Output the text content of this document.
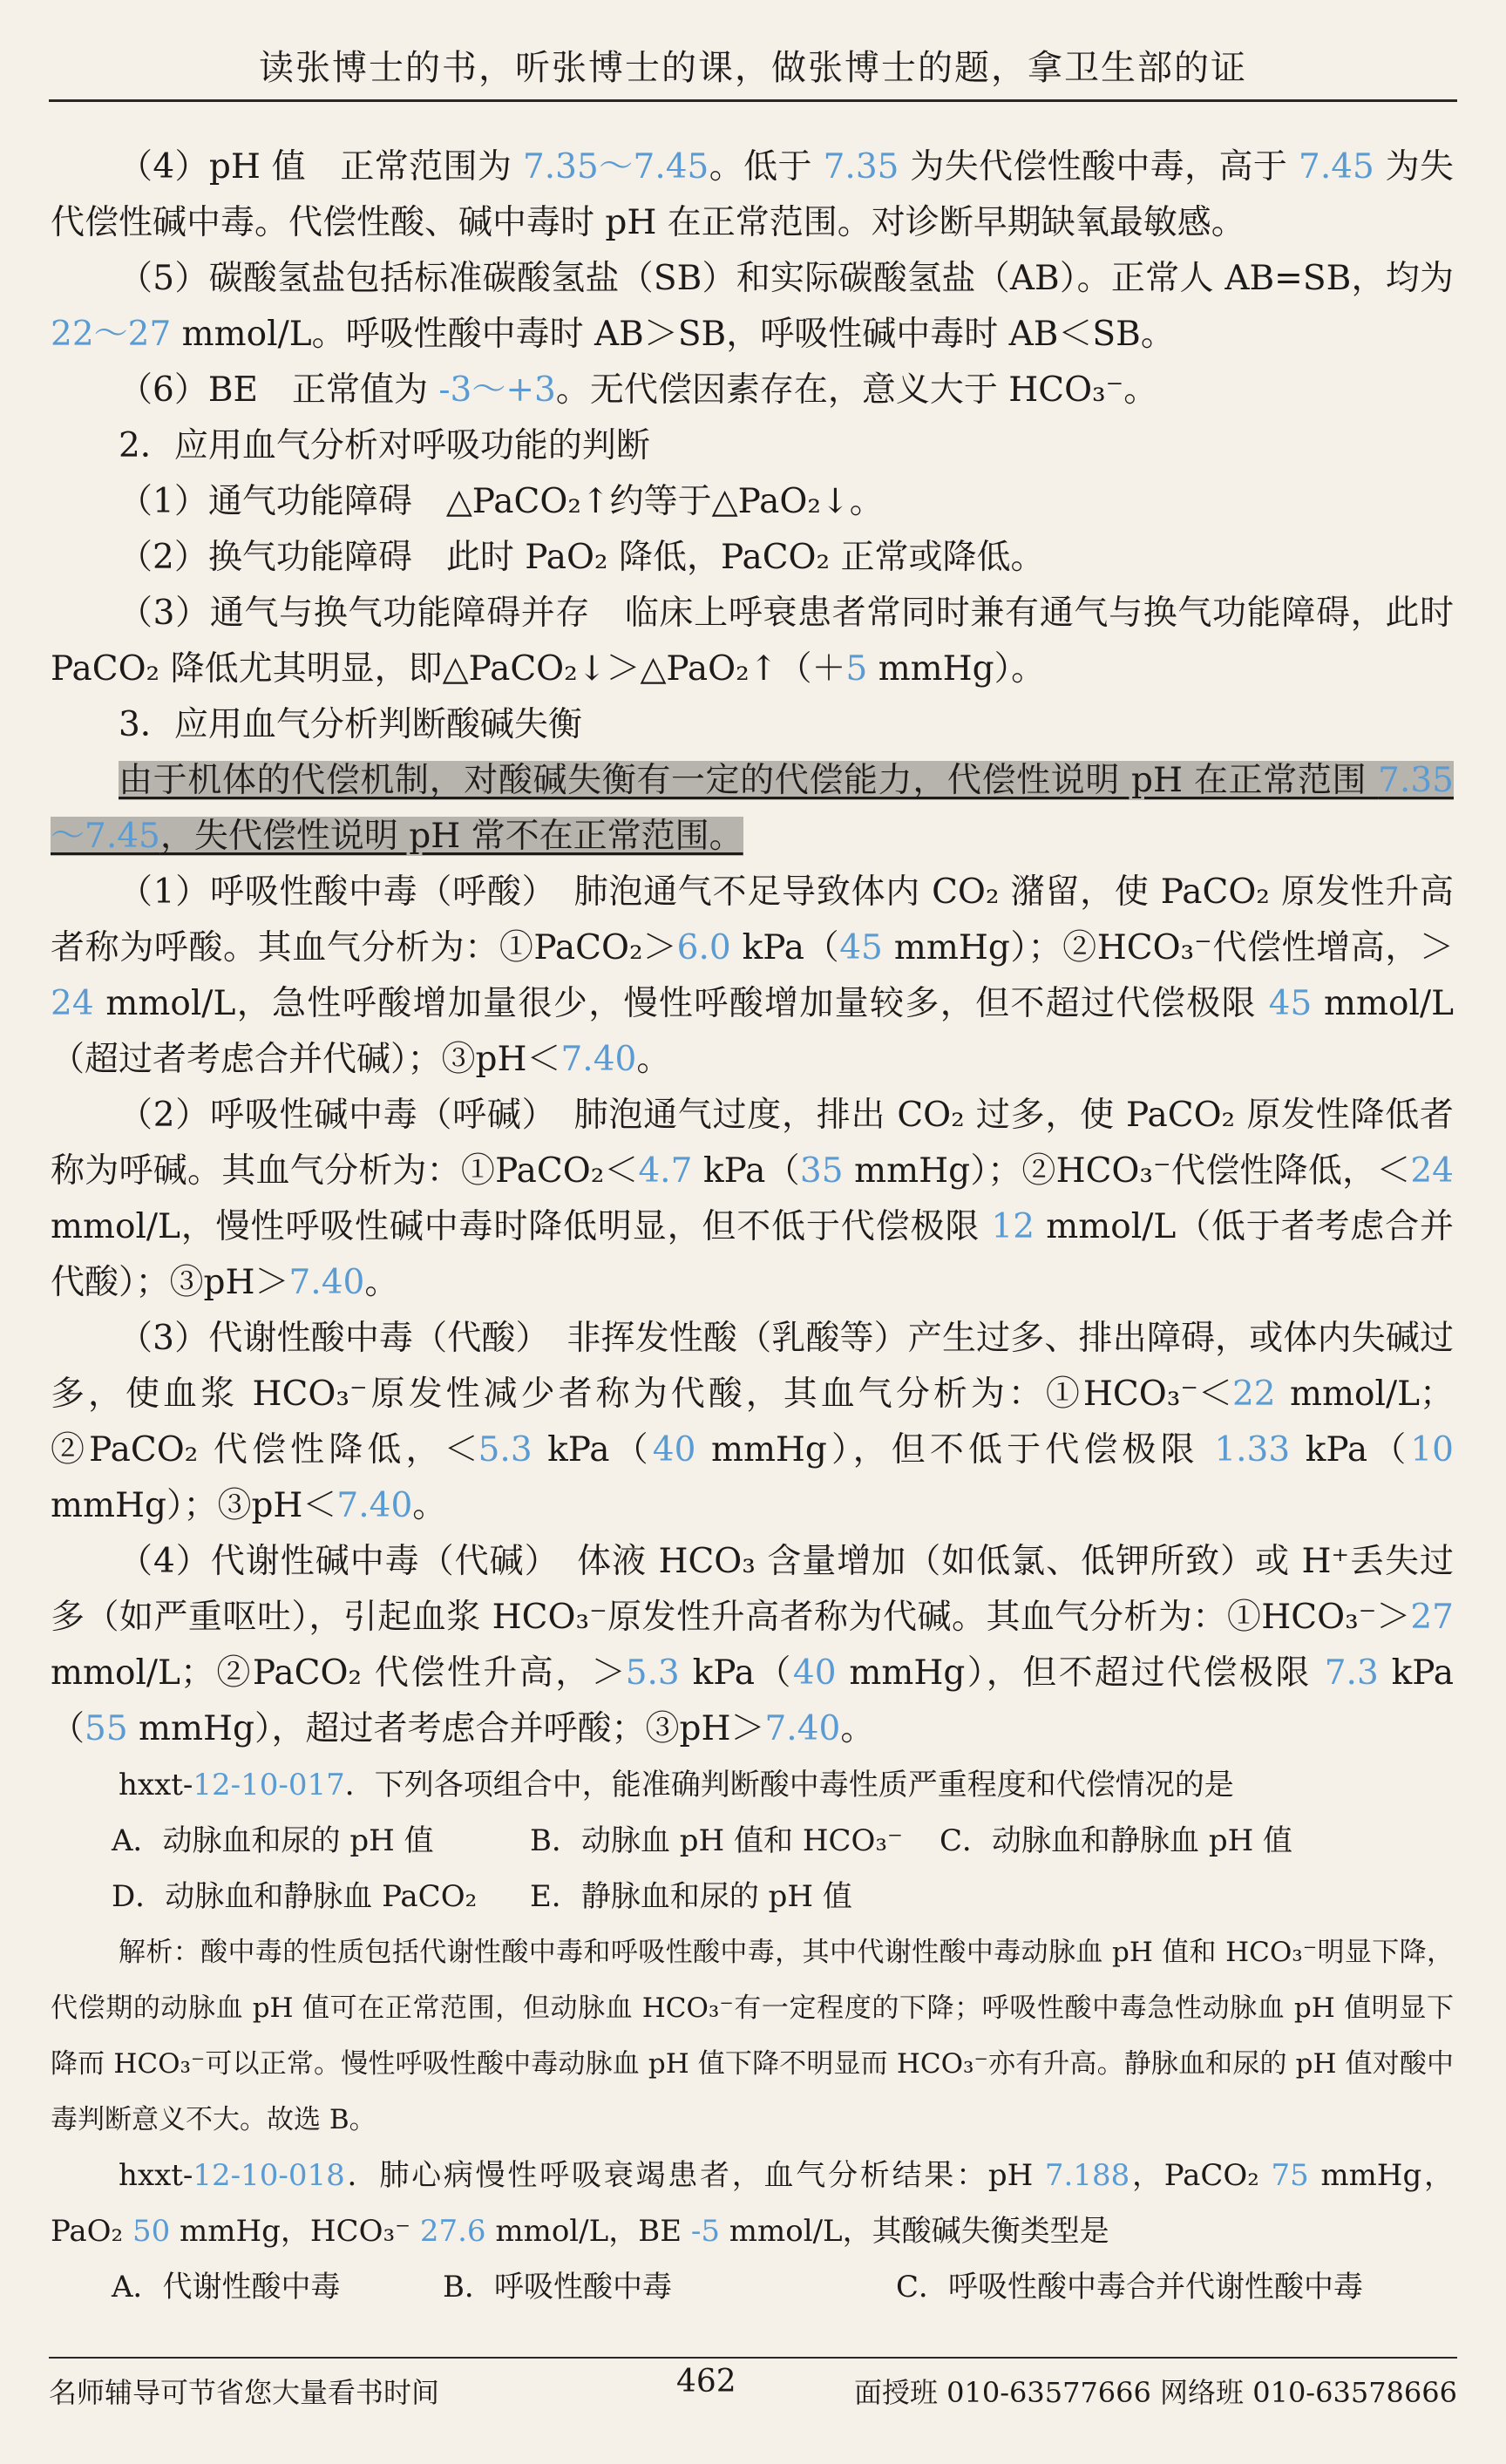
读张博士的书，听张博士的课，做张博士的题，拿卫生部的证

（4）pH 值　正常范围为 7.35～7.45。低于 7.35 为失代偿性酸中毒，高于 7.45 为失代偿性碱中毒。代偿性酸、碱中毒时 pH 在正常范围。对诊断早期缺氧最敏感。

（5）碳酸氢盐包括标准碳酸氢盐（SB）和实际碳酸氢盐（AB）。正常人 AB=SB，均为 22～27 mmol/L。呼吸性酸中毒时 AB＞SB，呼吸性碱中毒时 AB＜SB。

（6）BE　正常值为 -3～+3。无代偿因素存在，意义大于 HCO₃⁻。

2．应用血气分析对呼吸功能的判断

（1）通气功能障碍　△PaCO₂↑约等于△PaO₂↓。

（2）换气功能障碍　此时 PaO₂ 降低，PaCO₂ 正常或降低。

（3）通气与换气功能障碍并存　临床上呼衰患者常同时兼有通气与换气功能障碍，此时 PaCO₂ 降低尤其明显，即△PaCO₂↓＞△PaO₂↑（＋5 mmHg）。

3．应用血气分析判断酸碱失衡

由于机体的代偿机制，对酸碱失衡有一定的代偿能力，代偿性说明 pH 在正常范围 7.35～7.45，失代偿性说明 pH 常不在正常范围。

（1）呼吸性酸中毒（呼酸）　肺泡通气不足导致体内 CO₂ 潴留，使 PaCO₂ 原发性升高者称为呼酸。其血气分析为：①PaCO₂＞6.0 kPa（45 mmHg）；②HCO₃⁻代偿性增高，＞24 mmol/L，急性呼酸增加量很少，慢性呼酸增加量较多，但不超过代偿极限 45 mmol/L（超过者考虑合并代碱）；③pH＜7.40。

（2）呼吸性碱中毒（呼碱）　肺泡通气过度，排出 CO₂ 过多，使 PaCO₂ 原发性降低者称为呼碱。其血气分析为：①PaCO₂＜4.7 kPa（35 mmHg）；②HCO₃⁻代偿性降低，＜24 mmol/L，慢性呼吸性碱中毒时降低明显，但不低于代偿极限 12 mmol/L（低于者考虑合并代酸）；③pH＞7.40。

（3）代谢性酸中毒（代酸）　非挥发性酸（乳酸等）产生过多、排出障碍，或体内失碱过多，使血浆 HCO₃⁻原发性减少者称为代酸，其血气分析为：①HCO₃⁻＜22 mmol/L；②PaCO₂ 代偿性降低，＜5.3 kPa（40 mmHg），但不低于代偿极限 1.33 kPa（10 mmHg）；③pH＜7.40。

（4）代谢性碱中毒（代碱）　体液 HCO₃ 含量增加（如低氯、低钾所致）或 H⁺丢失过多（如严重呕吐），引起血浆 HCO₃⁻原发性升高者称为代碱。其血气分析为：①HCO₃⁻＞27 mmol/L；②PaCO₂ 代偿性升高，＞5.3 kPa（40 mmHg），但不超过代偿极限 7.3 kPa（55 mmHg），超过者考虑合并呼酸；③pH＞7.40。

hxxt-12-10-017．下列各项组合中，能准确判断酸中毒性质严重程度和代偿情况的是

A．动脉血和尿的 pH 值	B．动脉血 pH 值和 HCO₃⁻	C．动脉血和静脉血 pH 值
D．动脉血和静脉血 PaCO₂	E．静脉血和尿的 pH 值

解析：酸中毒的性质包括代谢性酸中毒和呼吸性酸中毒，其中代谢性酸中毒动脉血 pH 值和 HCO₃⁻明显下降，代偿期的动脉血 pH 值可在正常范围，但动脉血 HCO₃⁻有一定程度的下降；呼吸性酸中毒急性动脉血 pH 值明显下降而 HCO₃⁻可以正常。慢性呼吸性酸中毒动脉血 pH 值下降不明显而 HCO₃⁻亦有升高。静脉血和尿的 pH 值对酸中毒判断意义不大。故选 B。

hxxt-12-10-018．肺心病慢性呼吸衰竭患者，血气分析结果：pH 7.188，PaCO₂ 75 mmHg，PaO₂ 50 mmHg，HCO₃⁻ 27.6 mmol/L，BE -5 mmol/L，其酸碱失衡类型是

A．代谢性酸中毒	B．呼吸性酸中毒	C．呼吸性酸中毒合并代谢性酸中毒
名师辅导可节省您大量看书时间	462	面授班 010-63577666 网络班 010-63578666
